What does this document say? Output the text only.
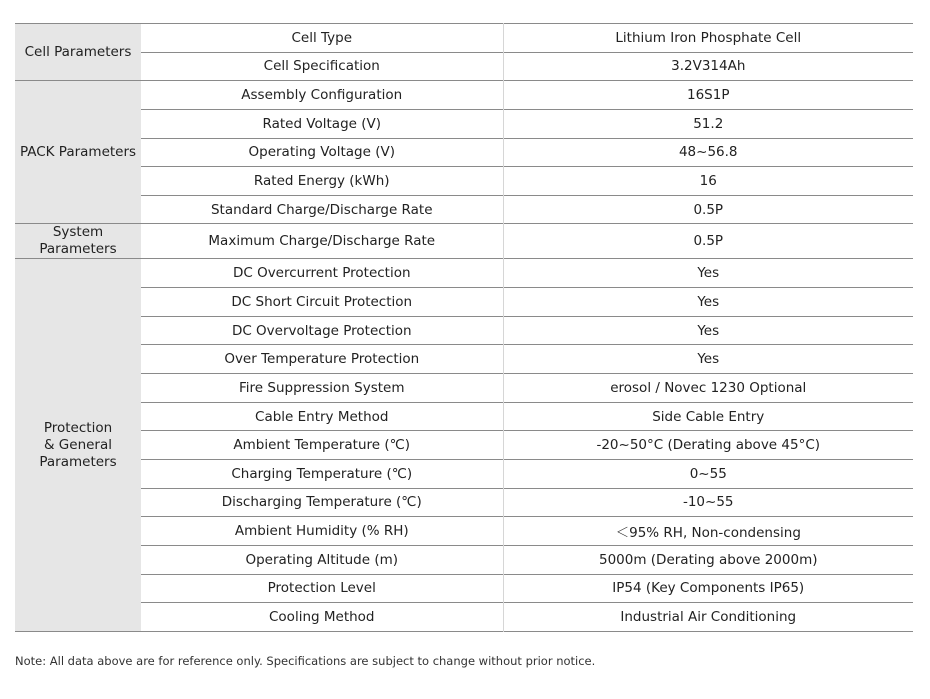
Cell Parameters	Cell Type	Lithium Iron Phosphate Cell
	Cell Specification	3.2V314Ah
PACK Parameters	Assembly Configuration	16S1P
	Rated Voltage (V)	51.2
	Operating Voltage (V)	48~56.8
	Rated Energy (kWh)	16
	Standard Charge/Discharge Rate	0.5P
System Parameters	Maximum Charge/Discharge Rate	0.5P
Protection & General Parameters	DC Overcurrent Protection	Yes
	DC Short Circuit Protection	Yes
	DC Overvoltage Protection	Yes
	Over Temperature Protection	Yes
	Fire Suppression System	erosol / Novec 1230 Optional
	Cable Entry Method	Side Cable Entry
	Ambient Temperature (℃)	-20~50°C (Derating above 45°C)
	Charging Temperature (℃)	0~55
	Discharging Temperature (℃)	-10~55
	Ambient Humidity (% RH)	＜95% RH, Non-condensing
	Operating Altitude (m)	5000m (Derating above 2000m)
	Protection Level	IP54 (Key Components IP65)
	Cooling Method	Industrial Air Conditioning
Note: All data above are for reference only. Specifications are subject to change without prior notice.
